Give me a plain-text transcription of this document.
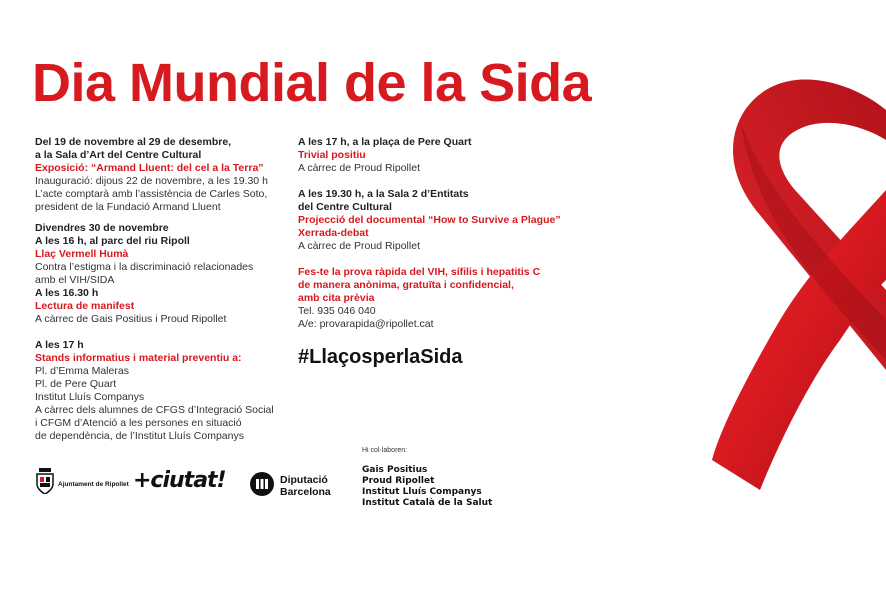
Dia Mundial de la Sida
Del 19 de novembre al 29 de desembre,
a la Sala d’Art del Centre Cultural
Exposició: “Armand Lluent: del cel a la Terra”
Inauguració: dijous 22 de novembre, a les 19.30 h
L’acte comptarà amb l’assistència de Carles Soto,
president de la Fundació Armand Lluent
Divendres 30 de novembre
A les 16 h, al parc del riu Ripoll
Llaç Vermell Humà
Contra l’estigma i la discriminació relacionades
amb el VIH/SIDA
A les 16.30 h
Lectura de manifest
A càrrec de Gais Positius i Proud Ripollet
A les 17 h
Stands informatius i material preventiu a:
Pl. d’Emma Maleras
Pl. de Pere Quart
Institut Lluís Companys
A càrrec dels alumnes de CFGS d’Integració Social
i CFGM d’Atenció a les persones en situació
de dependència, de l’Institut Lluís Companys
A les 17 h, a la plaça de Pere Quart
Trivial positiu
A càrrec de Proud Ripollet
A les 19.30 h, a la Sala 2 d’Entitats
del Centre Cultural
Projecció del documental “How to Survive a Plague”
Xerrada-debat
A càrrec de Proud Ripollet
Fes-te la prova ràpida del VIH, sífilis i hepatitis C
de manera anònima, gratuïta i confidencial,
amb cita prèvia
Tel. 935 046 040
A/e: provarapida@ripollet.cat
#LlaçosperlaSida
Ajuntament de Ripollet +ciutat!	Diputació
Barcelona
Hi col·laboren:
Gais Positius
Proud Ripollet
Institut Lluís Companys
Institut Català de la Salut
